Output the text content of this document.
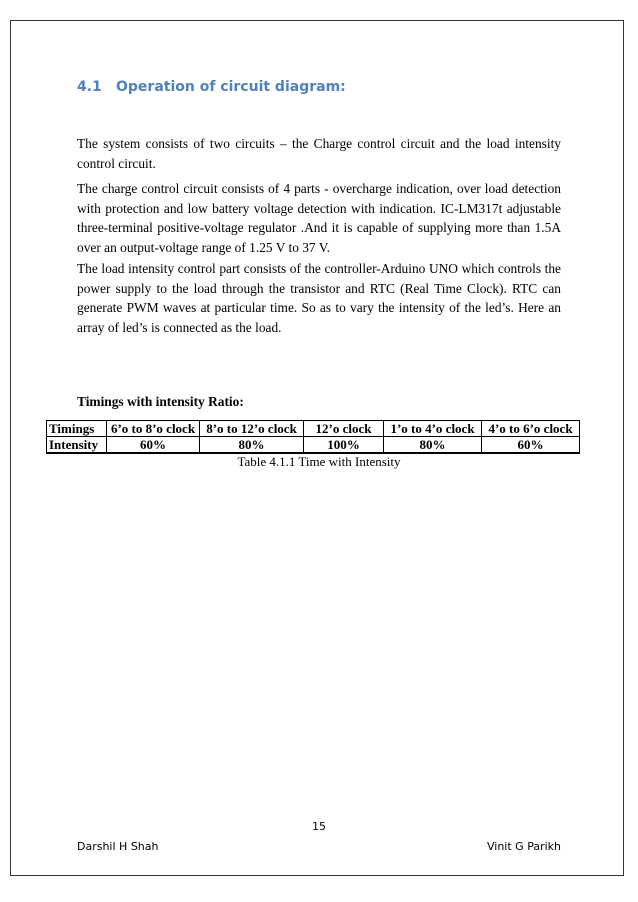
4.1 Operation of circuit diagram:

The system consists of two circuits – the Charge control circuit and the load intensity control circuit.

The charge control circuit consists of 4 parts - overcharge indication, over load detection with protection and low battery voltage detection with indication. IC-LM317t adjustable three-terminal positive-voltage regulator .And it is capable of supplying more than 1.5A over an output-voltage range of 1.25 V to 37 V.

The load intensity control part consists of the controller-Arduino UNO which controls the power supply to the load through the transistor and RTC (Real Time Clock). RTC can generate PWM waves at particular time. So as to vary the intensity of the led’s. Here an array of led’s is connected as the load.

Timings with intensity Ratio:
Timings	6’o to 8’o clock	8’o to 12’o clock	12’o clock	1’o to 4’o clock	4’o to 6’o clock
Intensity	60%	80%	100%	80%	60%
Table 4.1.1 Time with Intensity
15
Darshil H Shah	Vinit G Parikh
